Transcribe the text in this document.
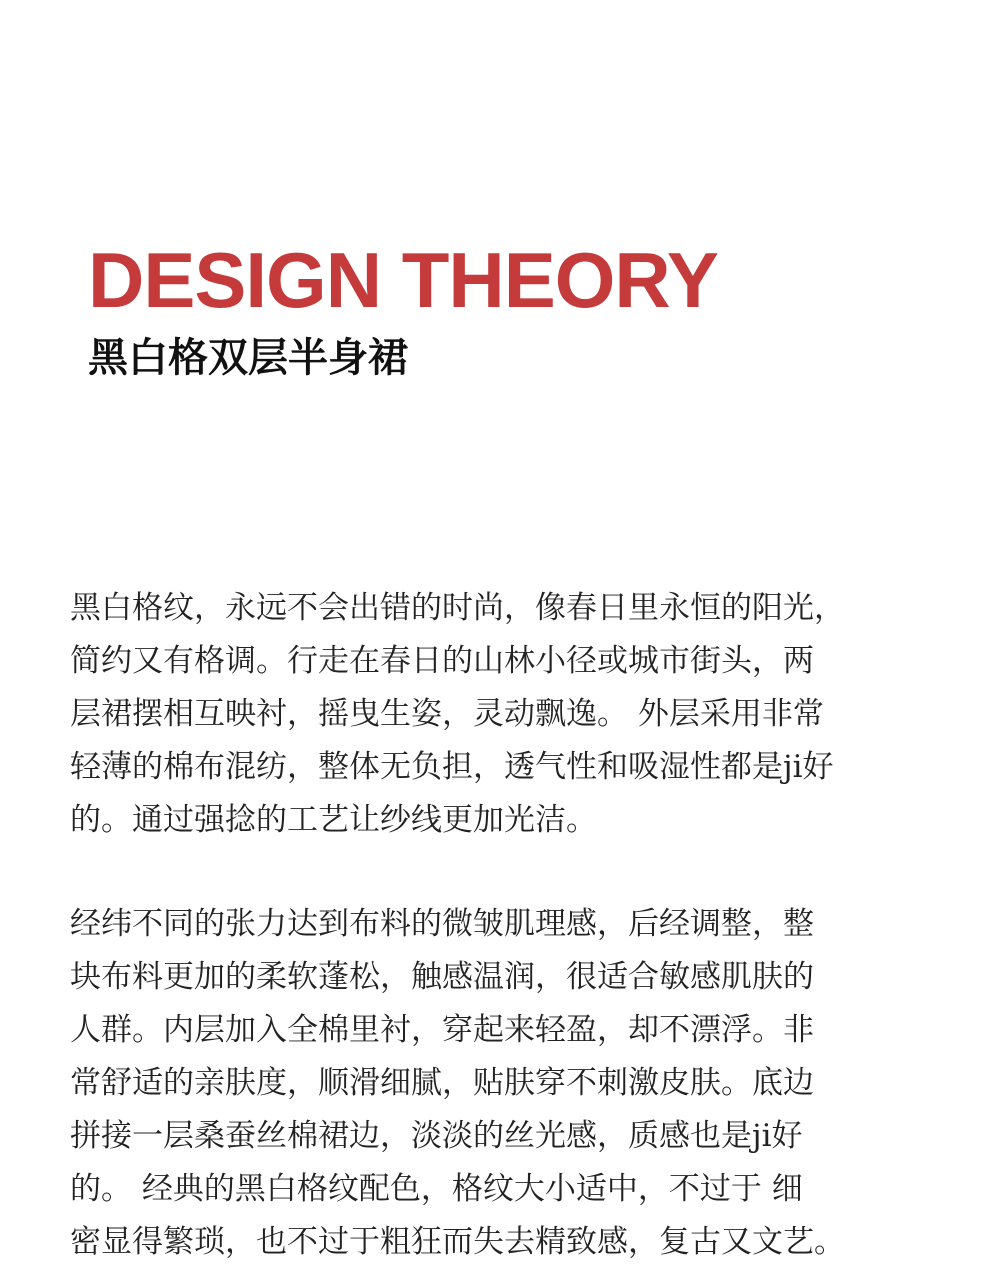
DESIGN THEORY
黑白格双层半身裙
黑白格纹，永远不会出错的时尚，像春日里永恒的阳光，
简约又有格调。行走在春日的山林小径或城市街头，两
层裙摆相互映衬，摇曳生姿，灵动飘逸。 外层采用非常
轻薄的棉布混纺，整体无负担，透气性和吸湿性都是ji好
的。通过强捻的工艺让纱线更加光洁。
经纬不同的张力达到布料的微皱肌理感，后经调整，整
块布料更加的柔软蓬松，触感温润，很适合敏感肌肤的
人群。内层加入全棉里衬，穿起来轻盈，却不漂浮。非
常舒适的亲肤度，顺滑细腻，贴肤穿不刺激皮肤。底边
拼接一层桑蚕丝棉裙边，淡淡的丝光感，质感也是ji好
的。 经典的黑白格纹配色，格纹大小适中，不过于 细
密显得繁琐，也不过于粗狂而失去精致感，复古又文艺。
